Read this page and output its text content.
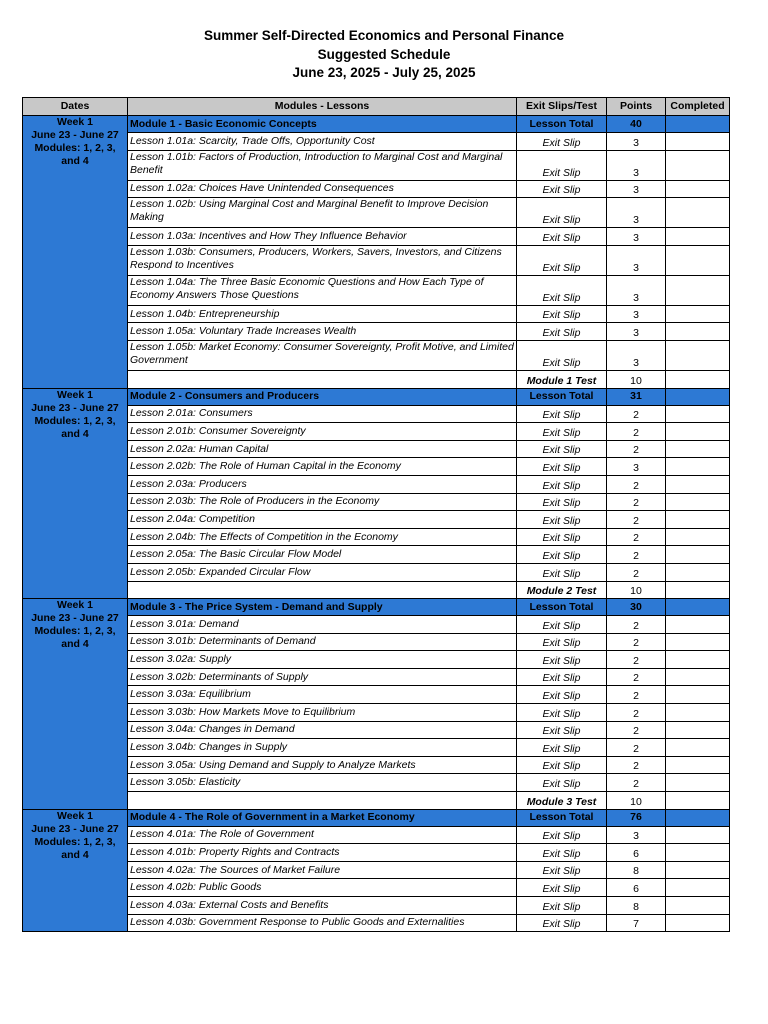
Summer Self-Directed Economics and Personal Finance
Suggested Schedule
June 23, 2025 - July 25, 2025
Dates	Modules - Lessons	Exit Slips/Test	Points	Completed

Week 1
June 23 - June 27
Modules: 1, 2, 3,
and 4	Module 1 - Basic Economic Concepts	Lesson Total	40	
	Lesson 1.01a: Scarcity, Trade Offs, Opportunity Cost	Exit Slip	3	
	Lesson 1.01b: Factors of Production, Introduction to Marginal Cost and Marginal Benefit	Exit Slip	3	
	Lesson 1.02a: Choices Have Unintended Consequences	Exit Slip	3	
	Lesson 1.02b: Using Marginal Cost and Marginal Benefit to Improve Decision Making	Exit Slip	3	
	Lesson 1.03a: Incentives and How They Influence Behavior	Exit Slip	3	
	Lesson 1.03b: Consumers, Producers, Workers, Savers, Investors, and Citizens Respond to Incentives	Exit Slip	3	
	Lesson 1.04a: The Three Basic Economic Questions and How Each Type of Economy Answers Those Questions	Exit Slip	3	
	Lesson 1.04b: Entrepreneurship	Exit Slip	3	
	Lesson 1.05a: Voluntary Trade Increases Wealth	Exit Slip	3	
	Lesson 1.05b: Market Economy: Consumer Sovereignty, Profit Motive, and Limited Government	Exit Slip	3	
		Module 1 Test	10	

Week 1
June 23 - June 27
Modules: 1, 2, 3,
and 4	Module 2 - Consumers and Producers	Lesson Total	31	
	Lesson 2.01a: Consumers	Exit Slip	2	
	Lesson 2.01b: Consumer Sovereignty	Exit Slip	2	
	Lesson 2.02a: Human Capital	Exit Slip	2	
	Lesson 2.02b: The Role of Human Capital in the Economy	Exit Slip	3	
	Lesson 2.03a: Producers	Exit Slip	2	
	Lesson 2.03b: The Role of Producers in the Economy	Exit Slip	2	
	Lesson 2.04a: Competition	Exit Slip	2	
	Lesson 2.04b: The Effects of Competition in the Economy	Exit Slip	2	
	Lesson 2.05a: The Basic Circular Flow Model	Exit Slip	2	
	Lesson 2.05b: Expanded Circular Flow	Exit Slip	2	
		Module 2 Test	10	

Week 1
June 23 - June 27
Modules: 1, 2, 3,
and 4	Module 3 - The Price System - Demand and Supply	Lesson Total	30	
	Lesson 3.01a: Demand	Exit Slip	2	
	Lesson 3.01b: Determinants of Demand	Exit Slip	2	
	Lesson 3.02a: Supply	Exit Slip	2	
	Lesson 3.02b: Determinants of Supply	Exit Slip	2	
	Lesson 3.03a: Equilibrium	Exit Slip	2	
	Lesson 3.03b: How Markets Move to Equilibrium	Exit Slip	2	
	Lesson 3.04a: Changes in Demand	Exit Slip	2	
	Lesson 3.04b: Changes in Supply	Exit Slip	2	
	Lesson 3.05a: Using Demand and Supply to Analyze Markets	Exit Slip	2	
	Lesson 3.05b: Elasticity	Exit Slip	2	
		Module 3 Test	10	

Week 1
June 23 - June 27
Modules: 1, 2, 3,
and 4	Module 4 - The Role of Government in a Market Economy	Lesson Total	76	
	Lesson 4.01a: The Role of Government	Exit Slip	3	
	Lesson 4.01b: Property Rights and Contracts	Exit Slip	6	
	Lesson 4.02a: The Sources of Market Failure	Exit Slip	8	
	Lesson 4.02b: Public Goods	Exit Slip	6	
	Lesson 4.03a: External Costs and Benefits	Exit Slip	8	
	Lesson 4.03b: Government Response to Public Goods and Externalities	Exit Slip	7	
